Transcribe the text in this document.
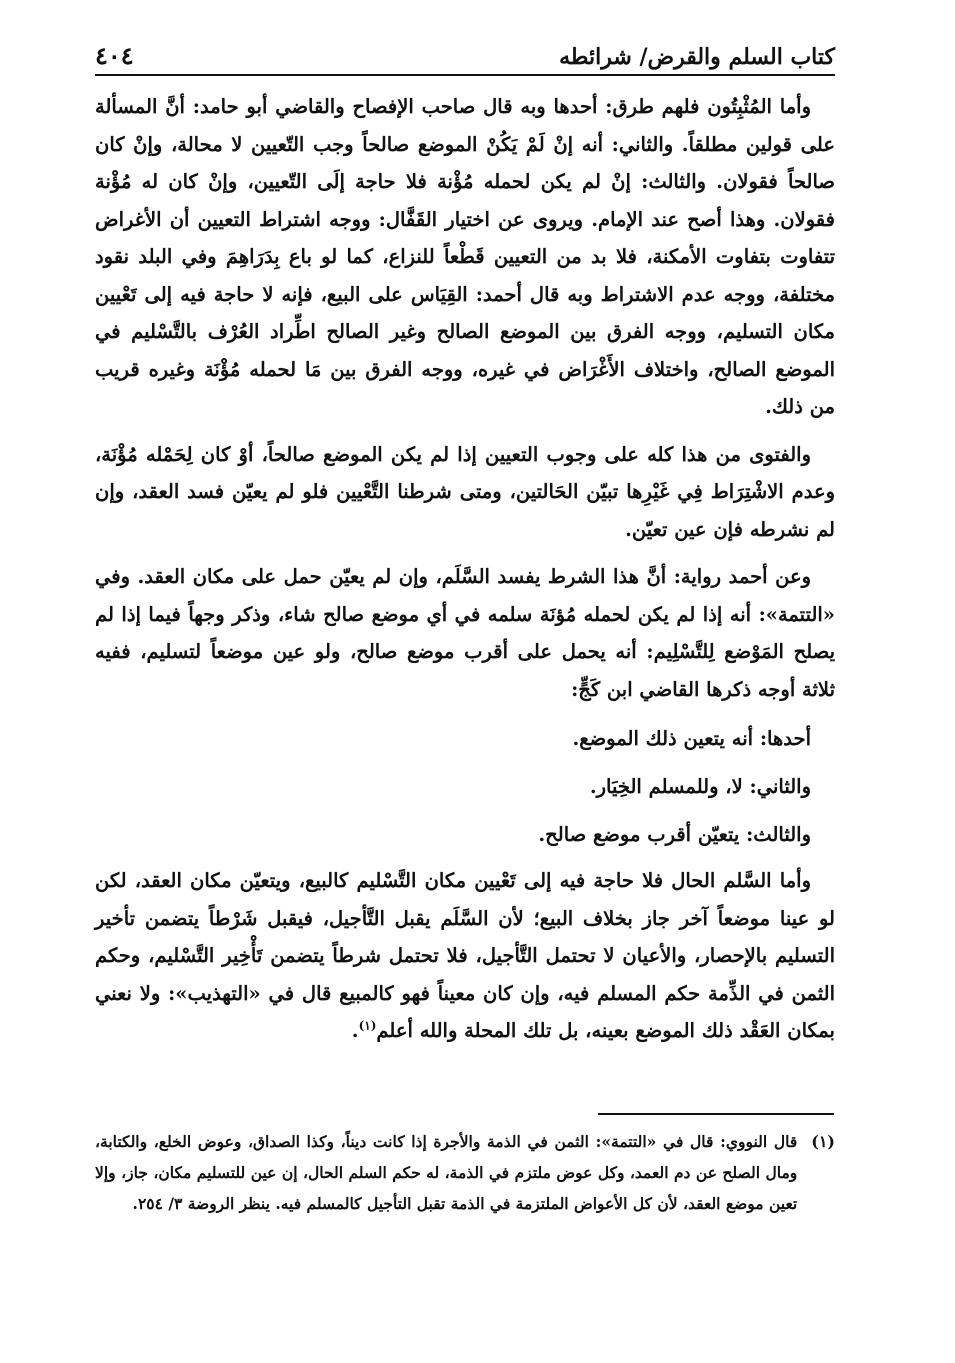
كتاب السلم والقرض/ شرائطه
٤٠٤

وأما المُثْبِتُون فلهم طرق: أحدها وبه قال صاحب الإفصاح والقاضي أبو حامد: أنَّ المسألة على قولين مطلقاً. والثاني: أنه إنْ لَمْ يَكُنْ الموضع صالحاً وجب التّعيين لا محالة، وإنْ كان صالحاً فقولان. والثالث: إنْ لم يكن لحمله مُؤْنة فلا حاجة إلَى التّعيين، وإنْ كان له مُؤْنة فقولان. وهذا أصح عند الإمام. ويروى عن اختيار القَفَّال: ووجه اشتراط التعيين أن الأغراض تتفاوت بتفاوت الأمكنة، فلا بد من التعيين قَطْعاً للنزاع، كما لو باع بِدَرَاهِمَ وفي البلد نقود مختلفة، ووجه عدم الاشتراط وبه قال أحمد: القِيَاس على البيع، فإنه لا حاجة فيه إلى تَعْيين مكان التسليم، ووجه الفرق بين الموضع الصالح وغير الصالح اطِّراد العُرْف بالتَّسْليم في الموضع الصالح، واختلاف الأَغْرَاض في غيره، ووجه الفرق بين مَا لحمله مُؤْنَة وغيره قريب من ذلك.

والفتوى من هذا كله على وجوب التعيين إذا لم يكن الموضع صالحاً، أوْ كان لِحَمْله مُؤْنَة، وعدم الاشْتِرَاط فِي غَيْرِها تبيّن الحَالتين، ومتى شرطنا التَّعْيين فلو لم يعيّن فسد العقد، وإن لم نشرطه فإن عين تعيّن.

وعن أحمد رواية: أنَّ هذا الشرط يفسد السَّلَم، وإن لم يعيّن حمل على مكان العقد. وفي «التتمة»: أنه إذا لم يكن لحمله مُؤنَة سلمه في أي موضع صالح شاء، وذكر وجهاً فيما إذا لم يصلح المَوْضع لِلتَّسْلِيم: أنه يحمل على أقرب موضع صالح، ولو عين موضعاً لتسليم، ففيه ثلاثة أوجه ذكرها القاضي ابن كَجٍّ:

أحدها: أنه يتعين ذلك الموضع.
والثاني: لا، وللمسلم الخِيَار.
والثالث: يتعيّن أقرب موضع صالح.

وأما السَّلم الحال فلا حاجة فيه إلى تَعْيين مكان التَّسْليم كالبيع، ويتعيّن مكان العقد، لكن لو عينا موضعاً آخر جاز بخلاف البيع؛ لأن السَّلَم يقبل التَّأجيل، فيقبل شَرْطاً يتضمن تأخير التسليم بالإحصار، والأعيان لا تحتمل التَّأجيل، فلا تحتمل شرطاً يتضمن تَأْخِير التَّسْليم، وحكم الثمن في الذِّمة حكم المسلم فيه، وإن كان معيناً فهو كالمبيع قال في «التهذيب»: ولا نعني بمكان العَقْد ذلك الموضع بعينه، بل تلك المحلة والله أعلم$^{(١)}$.

(١)
قال النووي: قال في «التتمة»: الثمن في الذمة والأجرة إذا كانت ديناً، وكذا الصداق، وعوض الخلع، والكتابة، ومال الصلح عن دم العمد، وكل عوض ملتزم في الذمة، له حكم السلم الحال، إن عين للتسليم مكان، جاز، وإلا تعين موضع العقد، لأن كل الأعواض الملتزمة في الذمة تقبل التأجيل كالمسلم فيه. ينظر الروضة ٣/ ٢٥٤.
